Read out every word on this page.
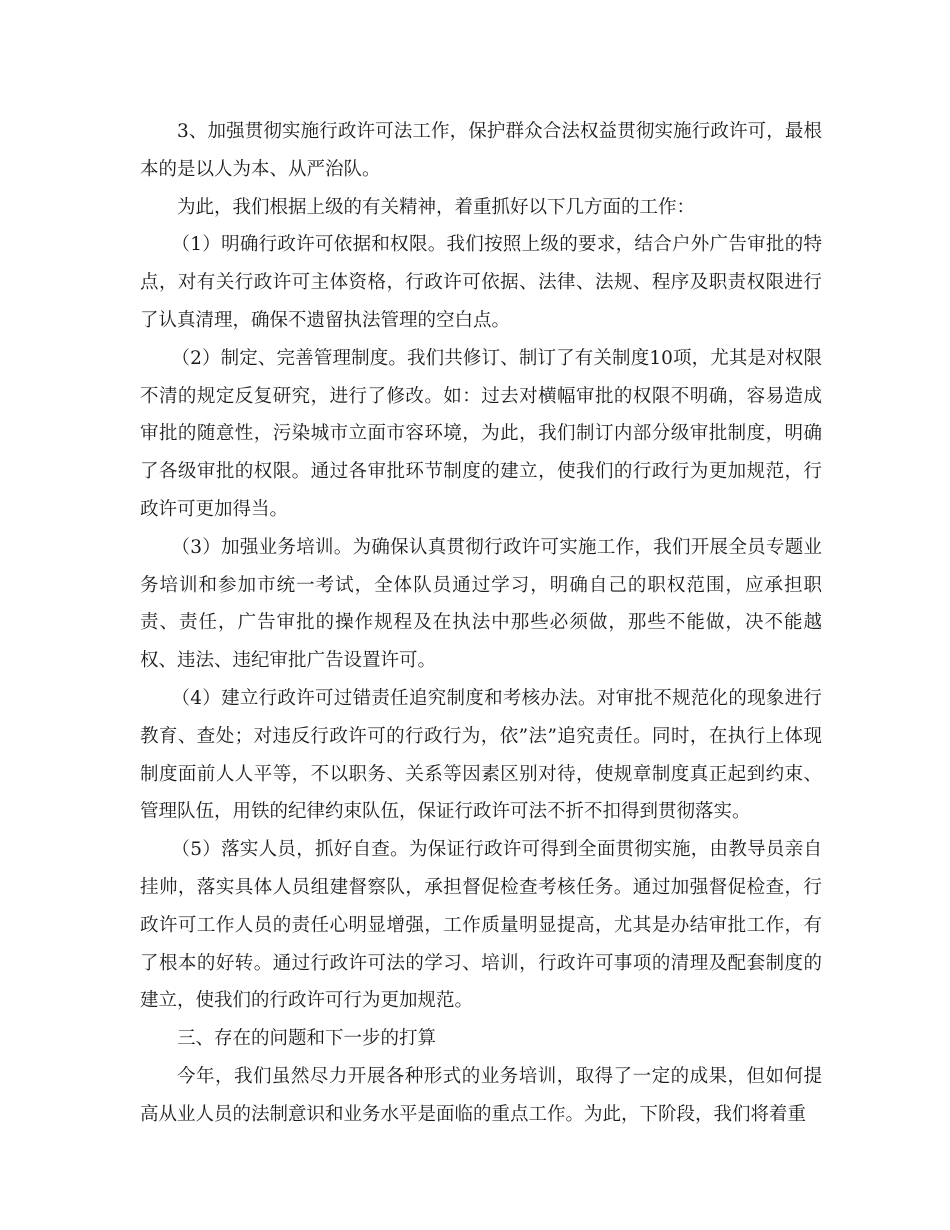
3、加强贯彻实施行政许可法工作，保护群众合法权益贯彻实施行政许可，最根本的是以人为本、从严治队。

为此，我们根据上级的有关精神，着重抓好以下几方面的工作：

（1）明确行政许可依据和权限。我们按照上级的要求，结合户外广告审批的特点，对有关行政许可主体资格，行政许可依据、法律、法规、程序及职责权限进行了认真清理，确保不遗留执法管理的空白点。

（2）制定、完善管理制度。我们共修订、制订了有关制度10项，尤其是对权限不清的规定反复研究，进行了修改。如：过去对横幅审批的权限不明确，容易造成审批的随意性，污染城市立面市容环境，为此，我们制订内部分级审批制度，明确了各级审批的权限。通过各审批环节制度的建立，使我们的行政行为更加规范，行政许可更加得当。

（3）加强业务培训。为确保认真贯彻行政许可实施工作，我们开展全员专题业务培训和参加市统一考试，全体队员通过学习，明确自己的职权范围，应承担职责、责任，广告审批的操作规程及在执法中那些必须做，那些不能做，决不能越权、违法、违纪审批广告设置许可。

（4）建立行政许可过错责任追究制度和考核办法。对审批不规范化的现象进行教育、查处；对违反行政许可的行政行为，依”法”追究责任。同时，在执行上体现制度面前人人平等，不以职务、关系等因素区别对待，使规章制度真正起到约束、管理队伍，用铁的纪律约束队伍，保证行政许可法不折不扣得到贯彻落实。

（5）落实人员，抓好自查。为保证行政许可得到全面贯彻实施，由教导员亲自挂帅，落实具体人员组建督察队，承担督促检查考核任务。通过加强督促检查，行政许可工作人员的责任心明显增强，工作质量明显提高，尤其是办结审批工作，有了根本的好转。通过行政许可法的学习、培训，行政许可事项的清理及配套制度的建立，使我们的行政许可行为更加规范。

三、存在的问题和下一步的打算

今年，我们虽然尽力开展各种形式的业务培训，取得了一定的成果，但如何提高从业人员的法制意识和业务水平是面临的重点工作。为此，下阶段，我们将着重
